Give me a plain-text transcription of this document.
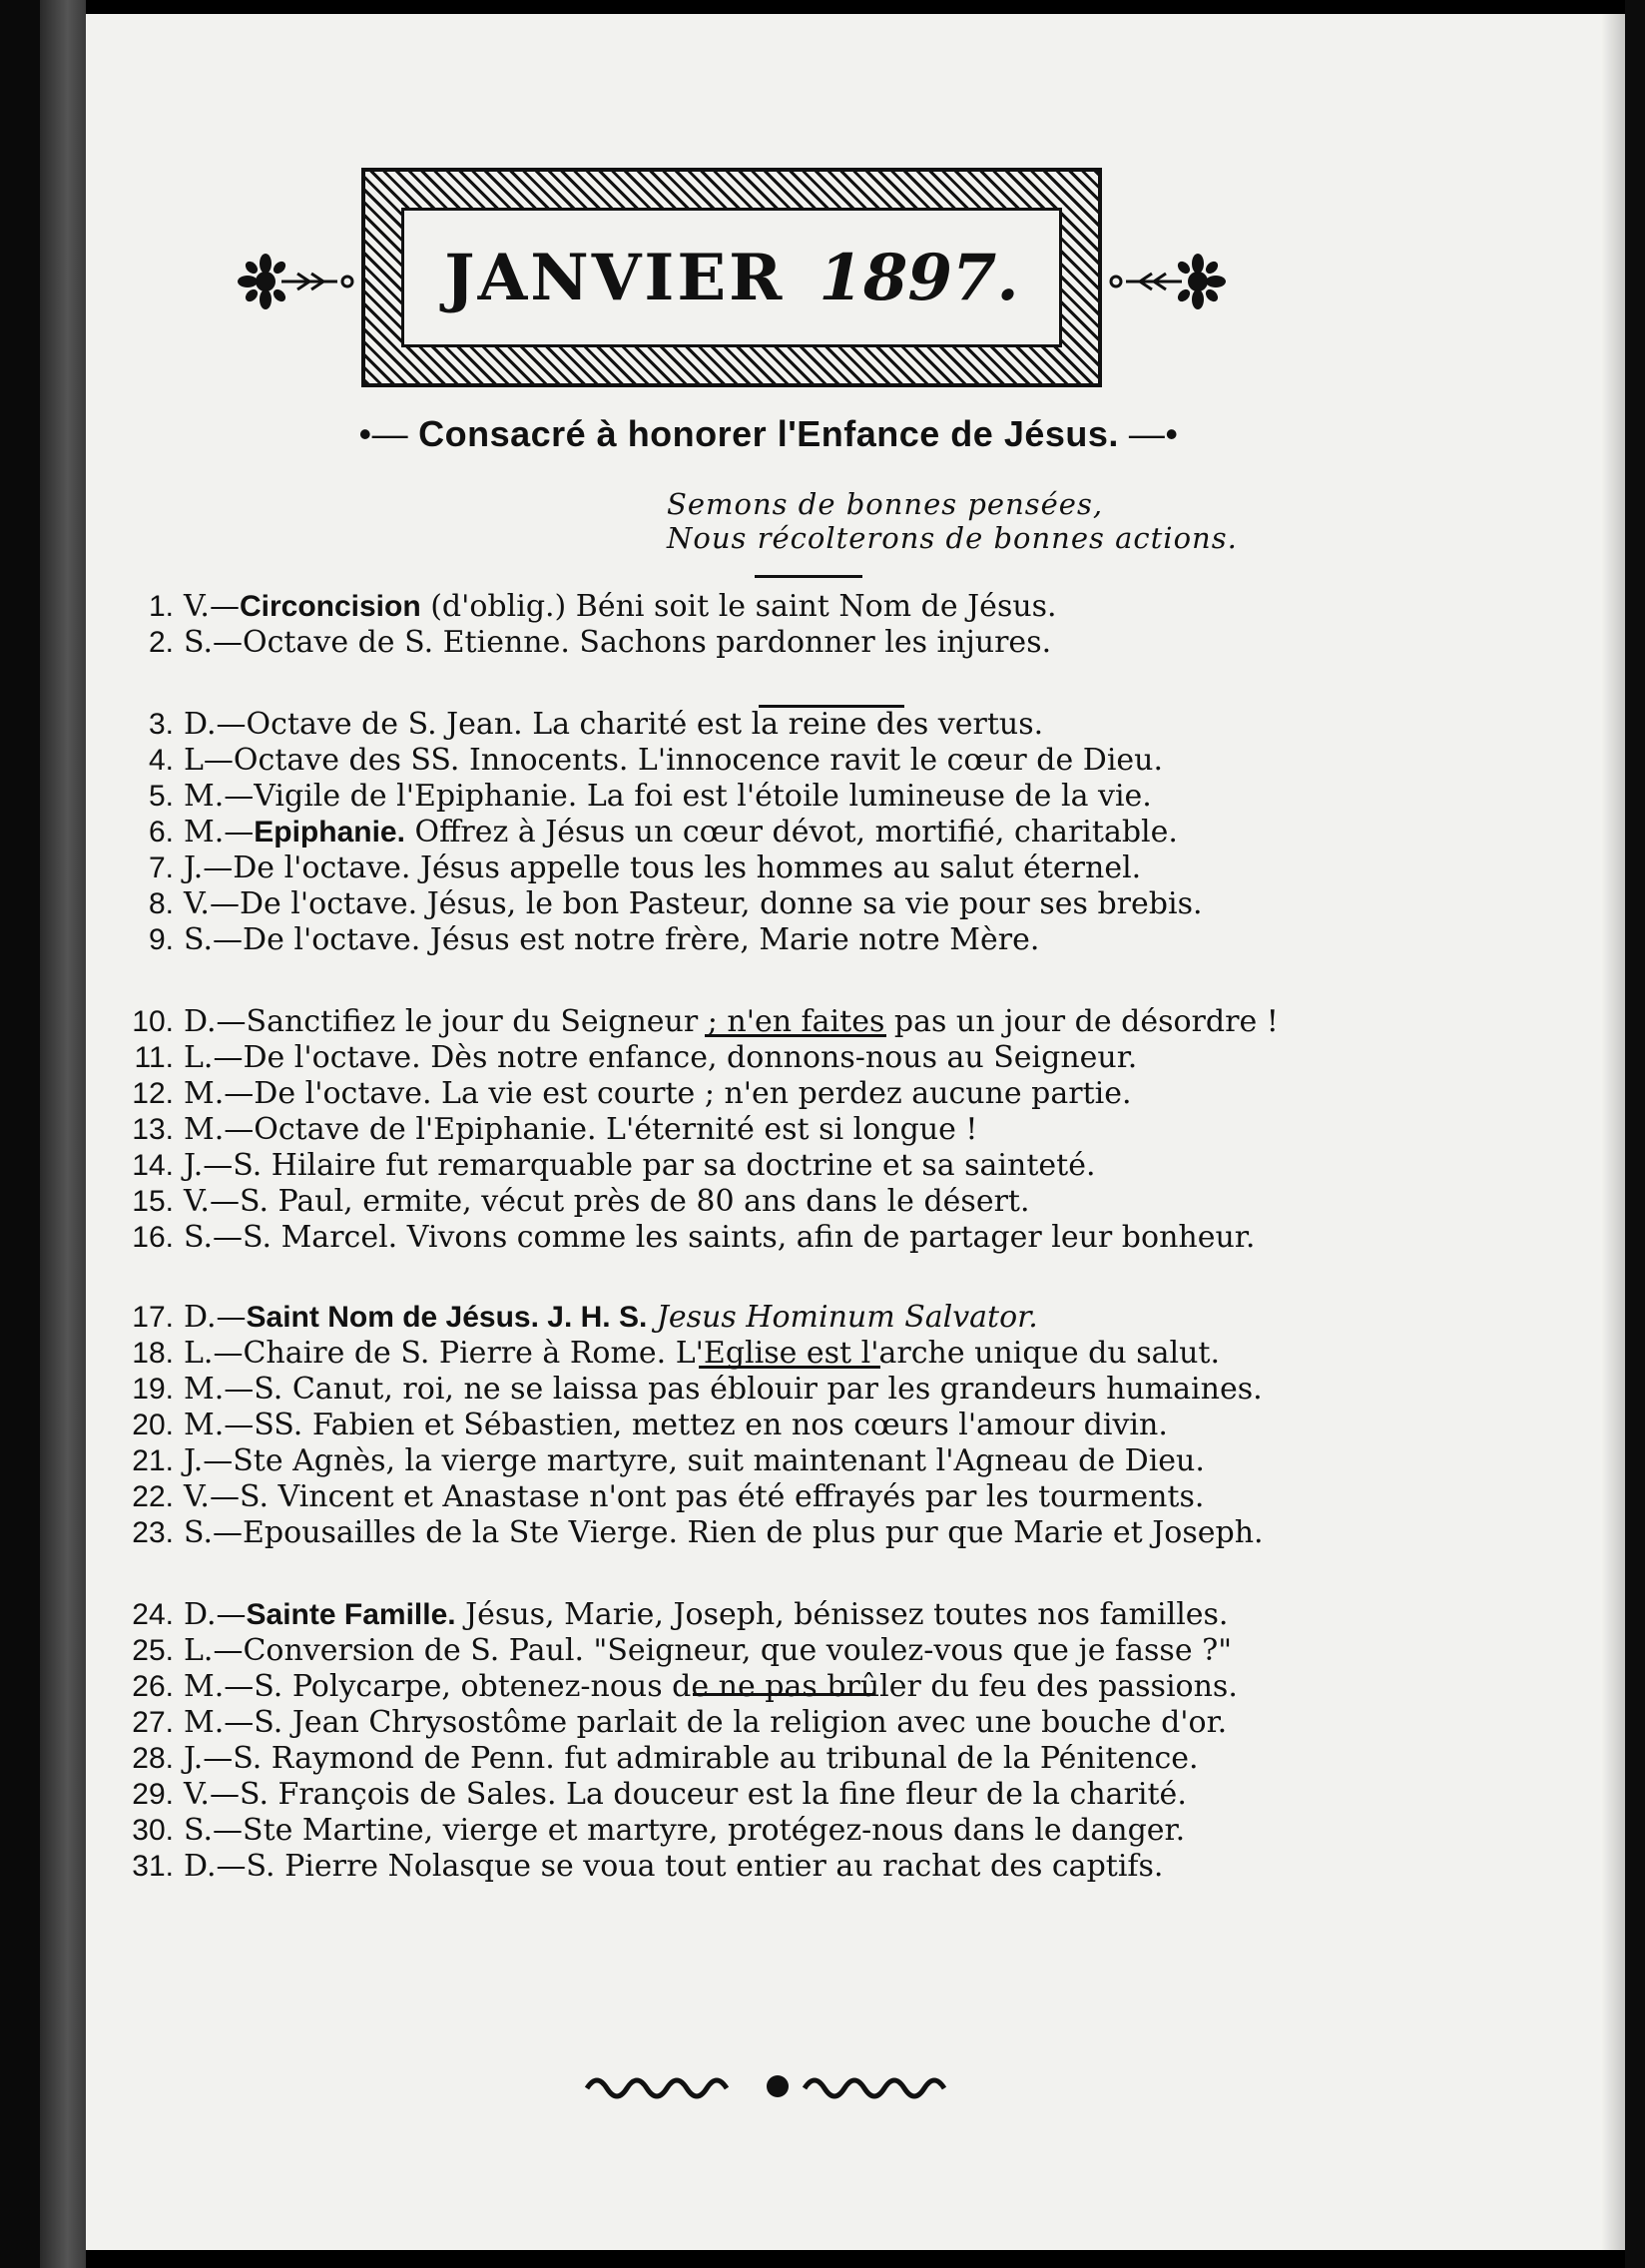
JANVIER 1897.
•— Consacré à honorer l'Enfance de Jésus. —•
Semons de bonnes pensées,
Nous récolterons de bonnes actions.
1. V.—Circoncision (d'oblig.) Béni soit le saint Nom de Jésus.
2. S.—Octave de S. Etienne. Sachons pardonner les injures.
3. D.—Octave de S. Jean. La charité est la reine des vertus.
4. L—Octave des SS. Innocents. L'innocence ravit le cœur de Dieu.
5. M.—Vigile de l'Epiphanie. La foi est l'étoile lumineuse de la vie.
6. M.—Epiphanie. Offrez à Jésus un cœur dévot, mortifié, charitable.
7. J.—De l'octave. Jésus appelle tous les hommes au salut éternel.
8. V.—De l'octave. Jésus, le bon Pasteur, donne sa vie pour ses brebis.
9. S.—De l'octave. Jésus est notre frère, Marie notre Mère.
10. D.—Sanctifiez le jour du Seigneur ; n'en faites pas un jour de désordre !
11. L.—De l'octave. Dès notre enfance, donnons-nous au Seigneur.
12. M.—De l'octave. La vie est courte ; n'en perdez aucune partie.
13. M.—Octave de l'Epiphanie. L'éternité est si longue !
14. J.—S. Hilaire fut remarquable par sa doctrine et sa sainteté.
15. V.—S. Paul, ermite, vécut près de 80 ans dans le désert.
16. S.—S. Marcel. Vivons comme les saints, afin de partager leur bonheur.
17. D.—Saint Nom de Jésus. J. H. S. Jesus Hominum Salvator.
18. L.—Chaire de S. Pierre à Rome. L'Eglise est l'arche unique du salut.
19. M.—S. Canut, roi, ne se laissa pas éblouir par les grandeurs humaines.
20. M.—SS. Fabien et Sébastien, mettez en nos cœurs l'amour divin.
21. J.—Ste Agnès, la vierge martyre, suit maintenant l'Agneau de Dieu.
22. V.—S. Vincent et Anastase n'ont pas été effrayés par les tourments.
23. S.—Epousailles de la Ste Vierge. Rien de plus pur que Marie et Joseph.
24. D.—Sainte Famille. Jésus, Marie, Joseph, bénissez toutes nos familles.
25. L.—Conversion de S. Paul. "Seigneur, que voulez-vous que je fasse ?"
26. M.—S. Polycarpe, obtenez-nous de ne pas brûler du feu des passions.
27. M.—S. Jean Chrysostôme parlait de la religion avec une bouche d'or.
28. J.—S. Raymond de Penn. fut admirable au tribunal de la Pénitence.
29. V.—S. François de Sales. La douceur est la fine fleur de la charité.
30. S.—Ste Martine, vierge et martyre, protégez-nous dans le danger.
31. D.—S. Pierre Nolasque se voua tout entier au rachat des captifs.
